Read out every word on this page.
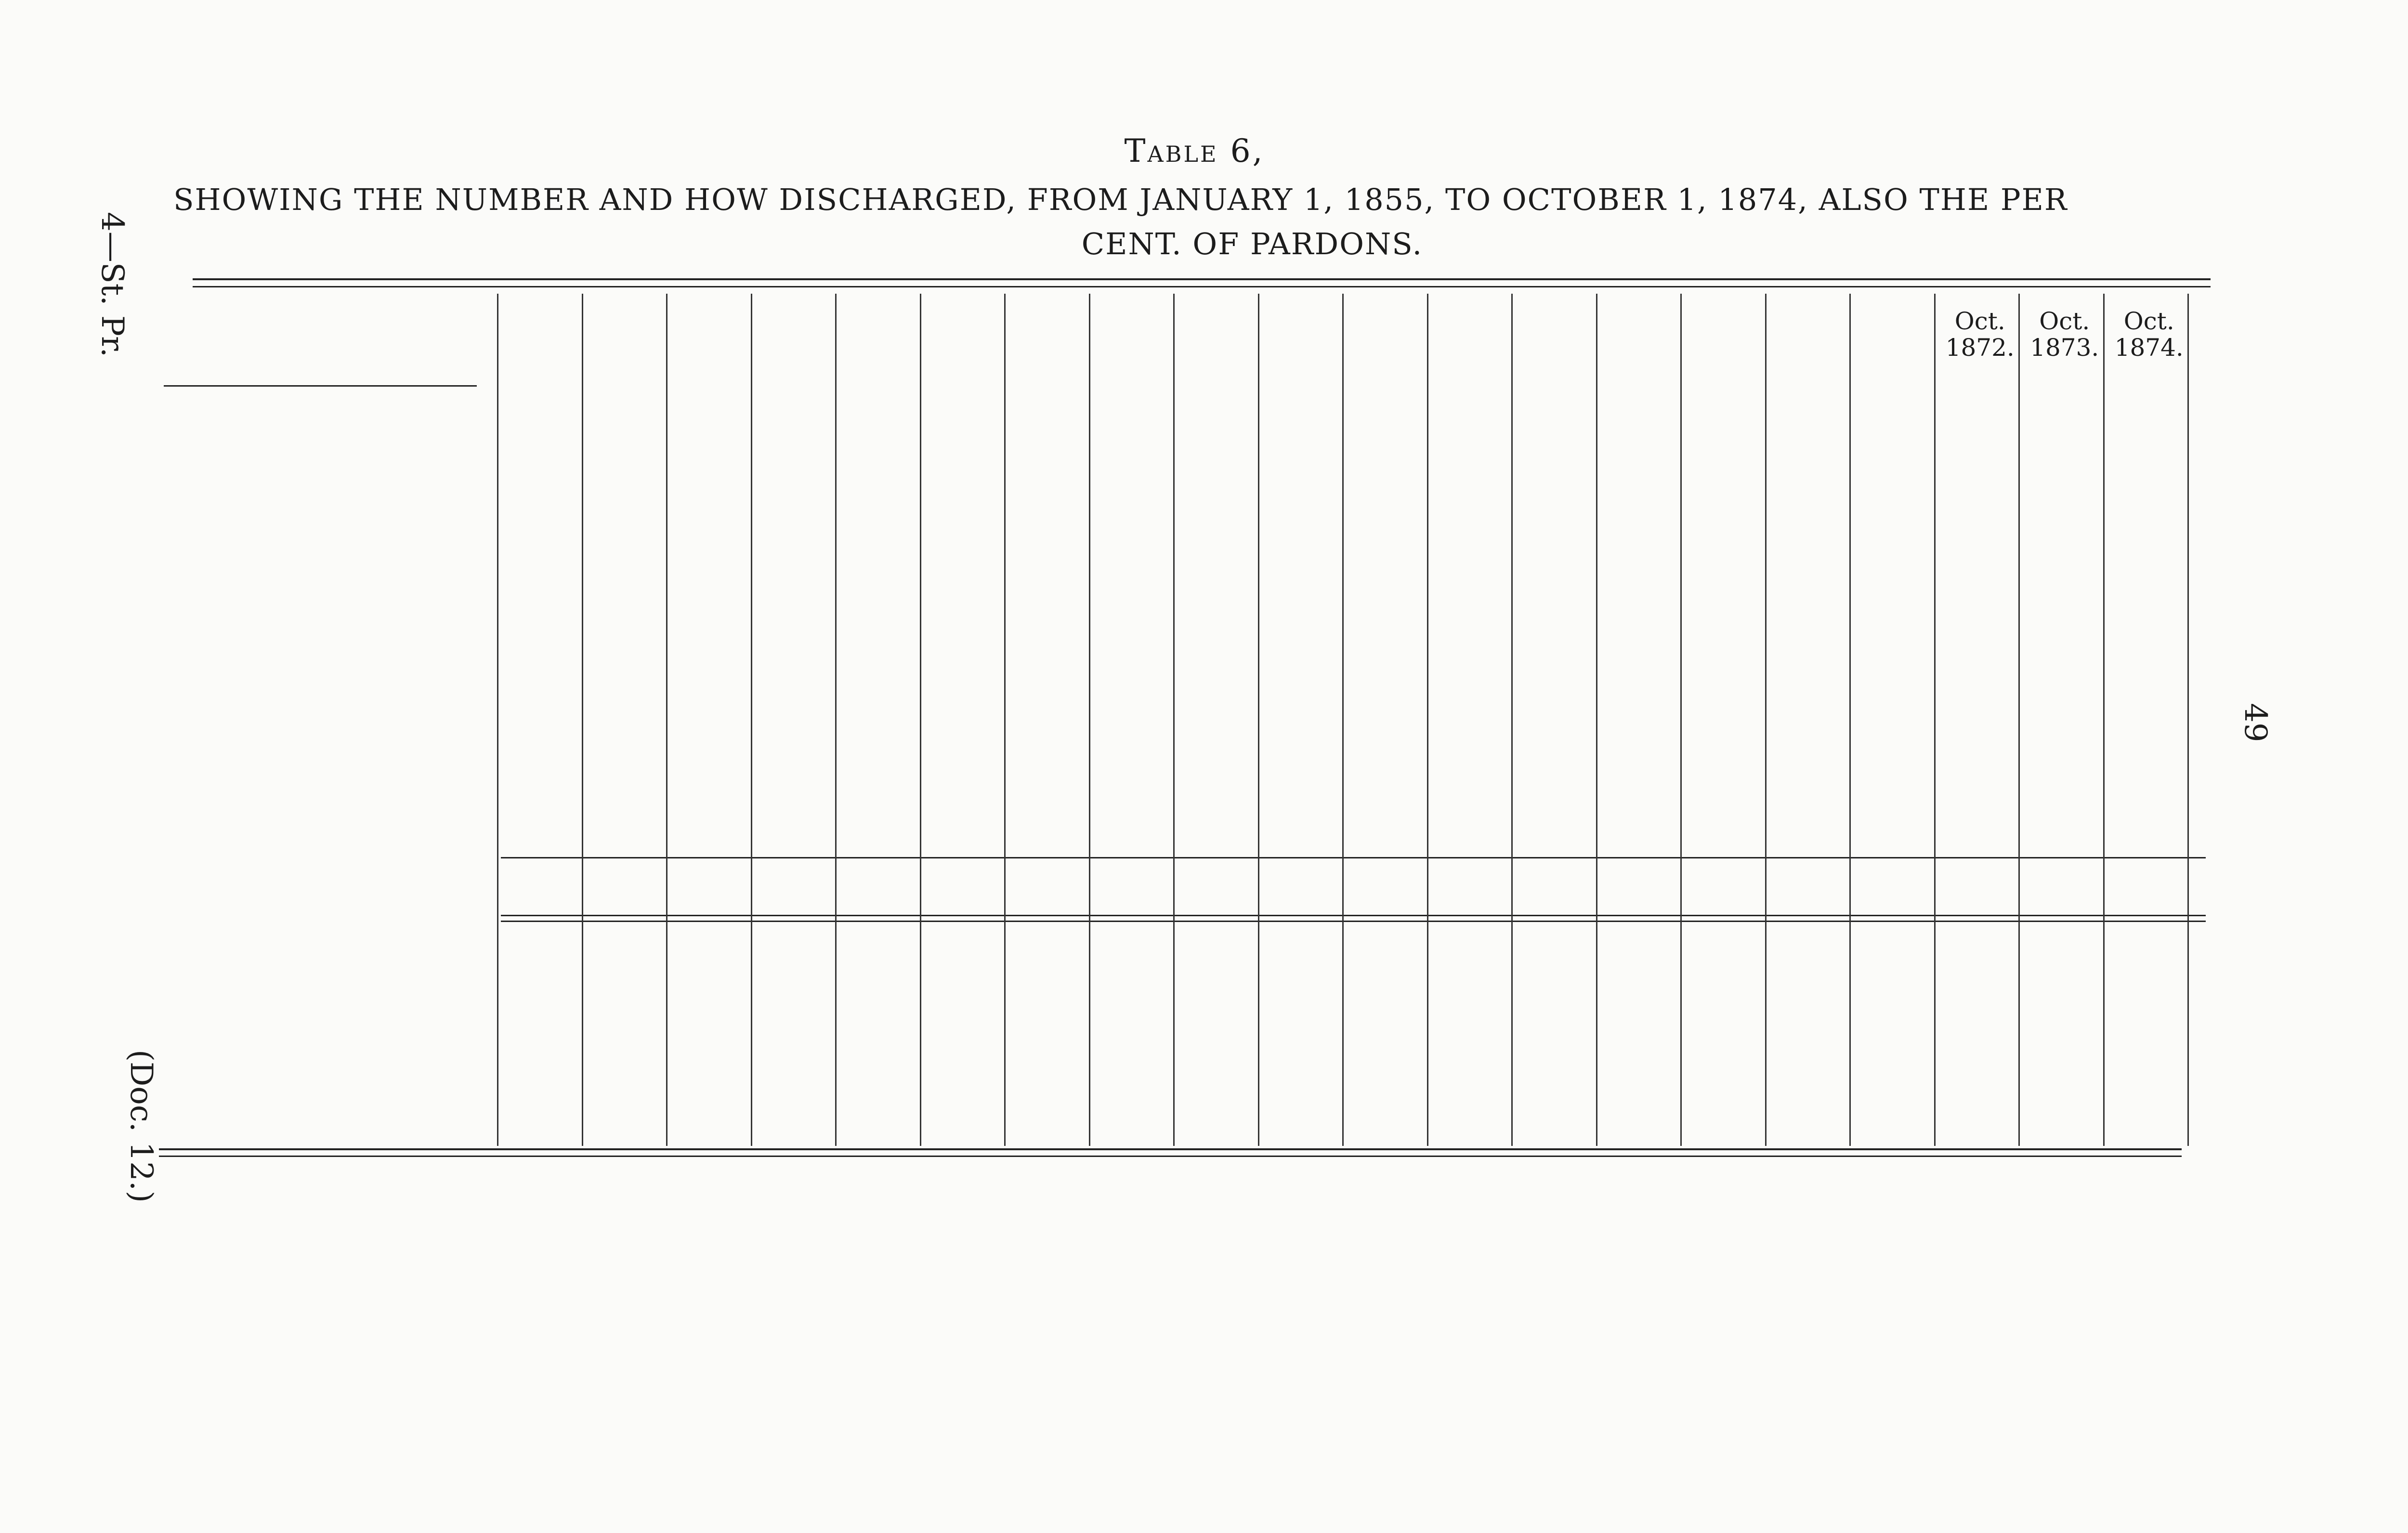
Table 6,
SHOWING THE NUMBER AND HOW DISCHARGED, FROM JANUARY 1, 1855, TO OCTOBER 1, 1874, ALSO THE PER
CENT. OF PARDONS.
4—St. Pr.
(Doc. 12.)
49
Oct.
1872.
Oct.
1873.
Oct.
1874.
